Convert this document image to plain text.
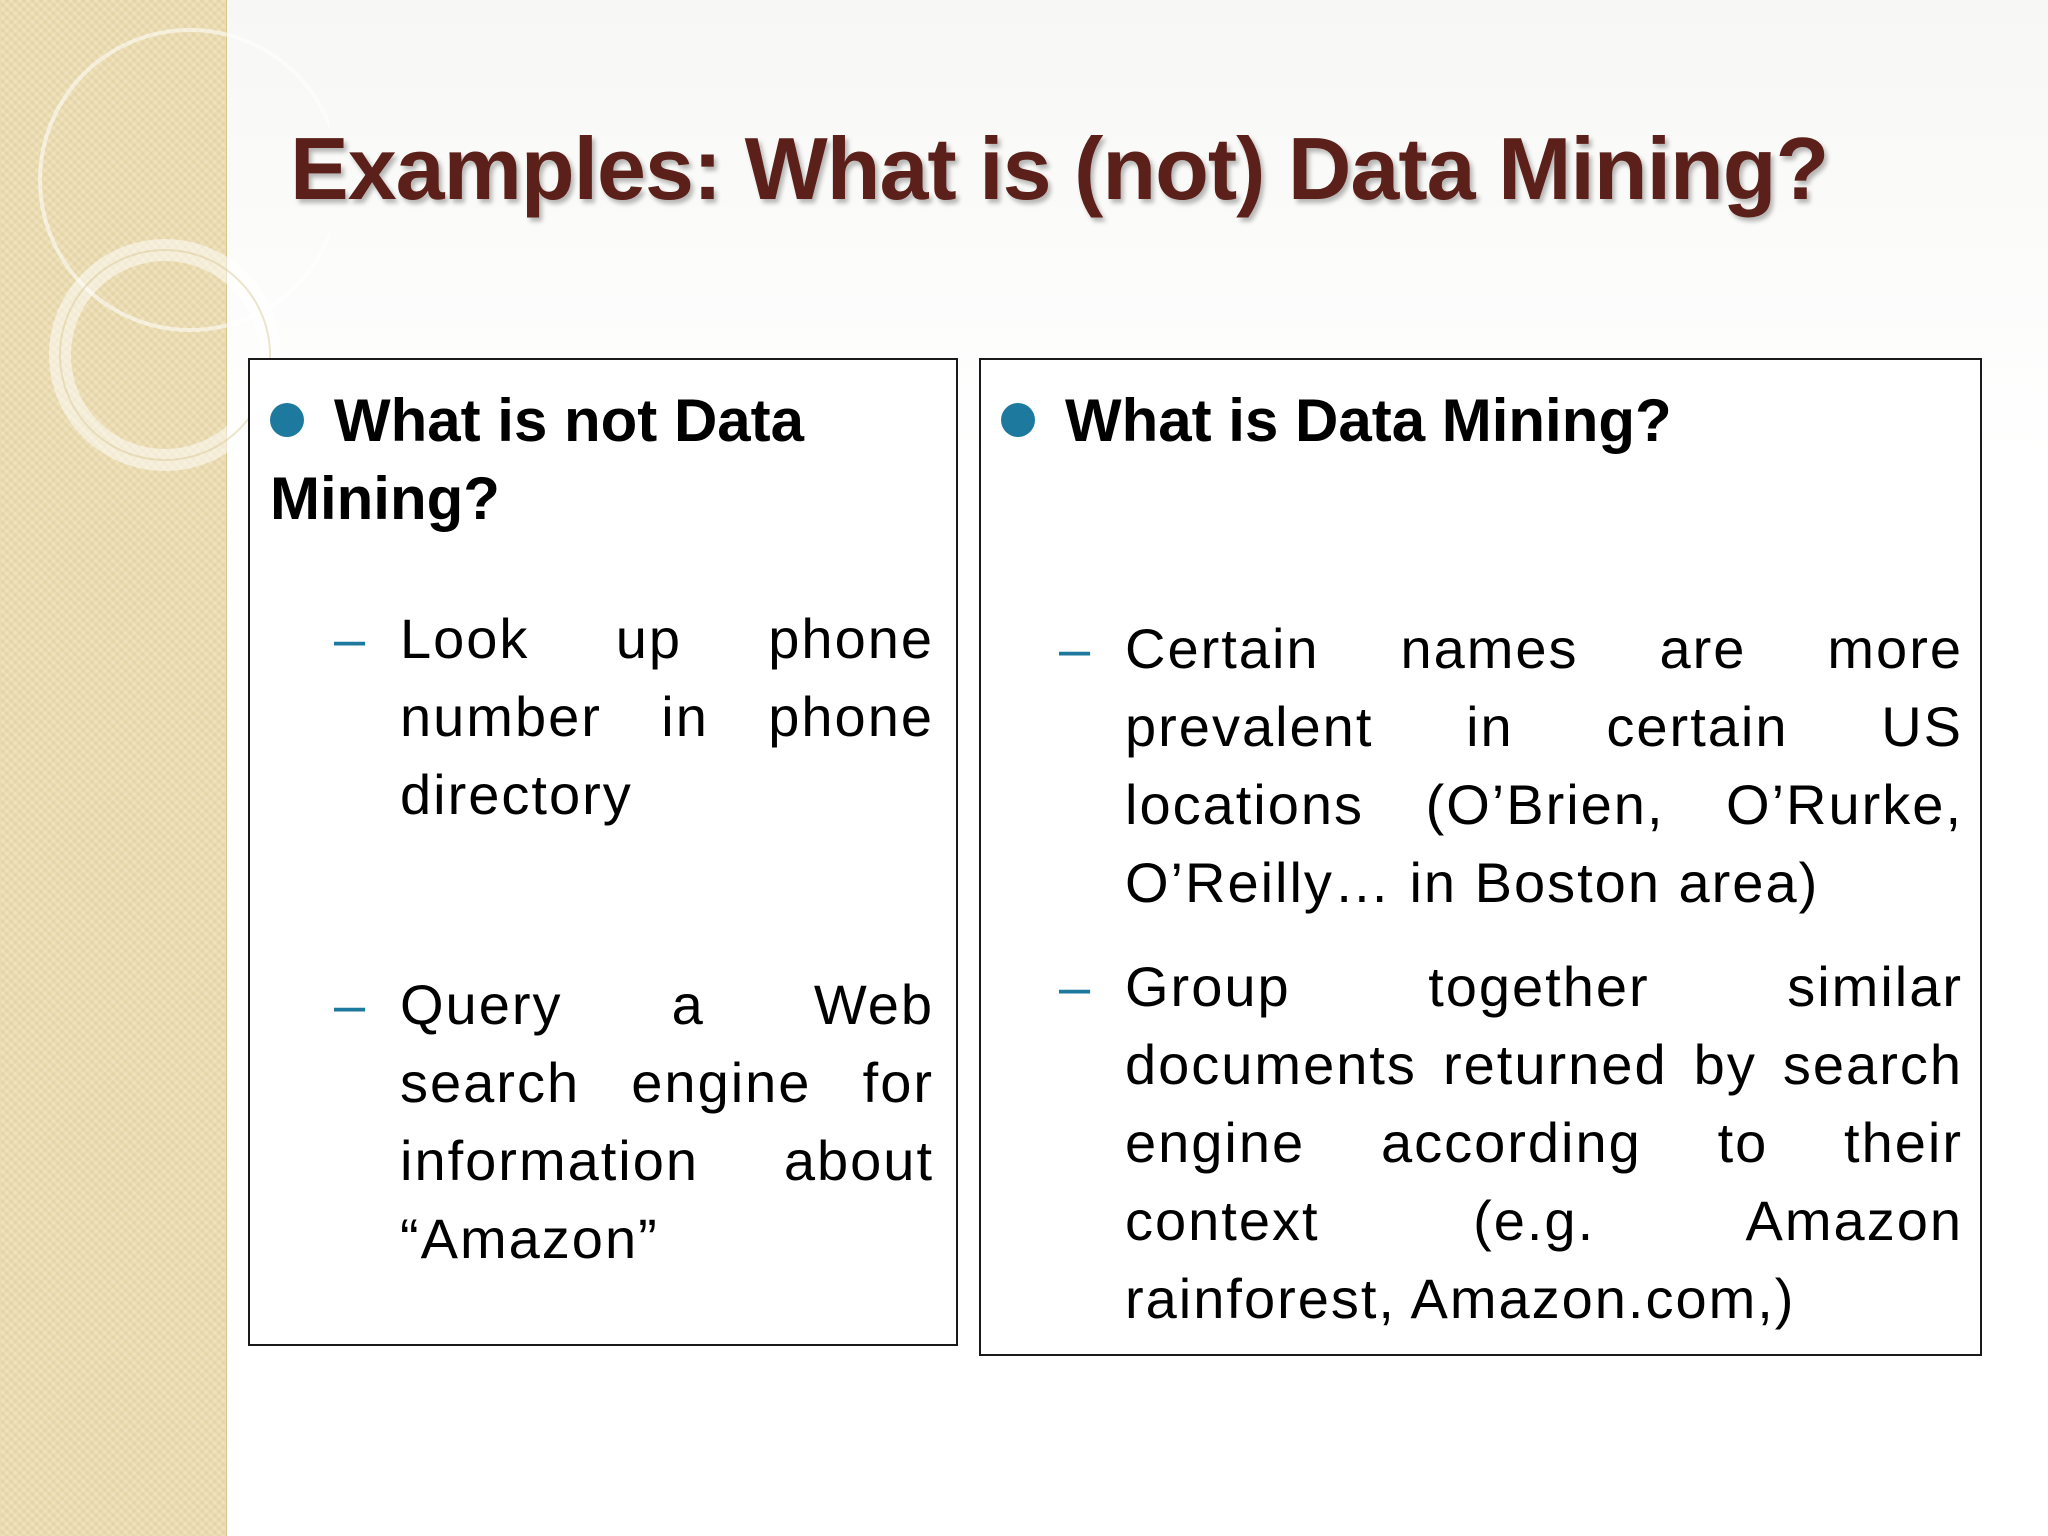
Examples: What is (not) Data Mining?

What is not Data Mining?

– Look up phone number in phone directory
– Query a Web search engine for information about “Amazon”

What is Data Mining?

– Certain names are more prevalent in certain US locations (O’Brien, O’Rurke, O’Reilly… in Boston area)
– Group together similar documents returned by search engine according to their context (e.g. Amazon rainforest, Amazon.com,)
